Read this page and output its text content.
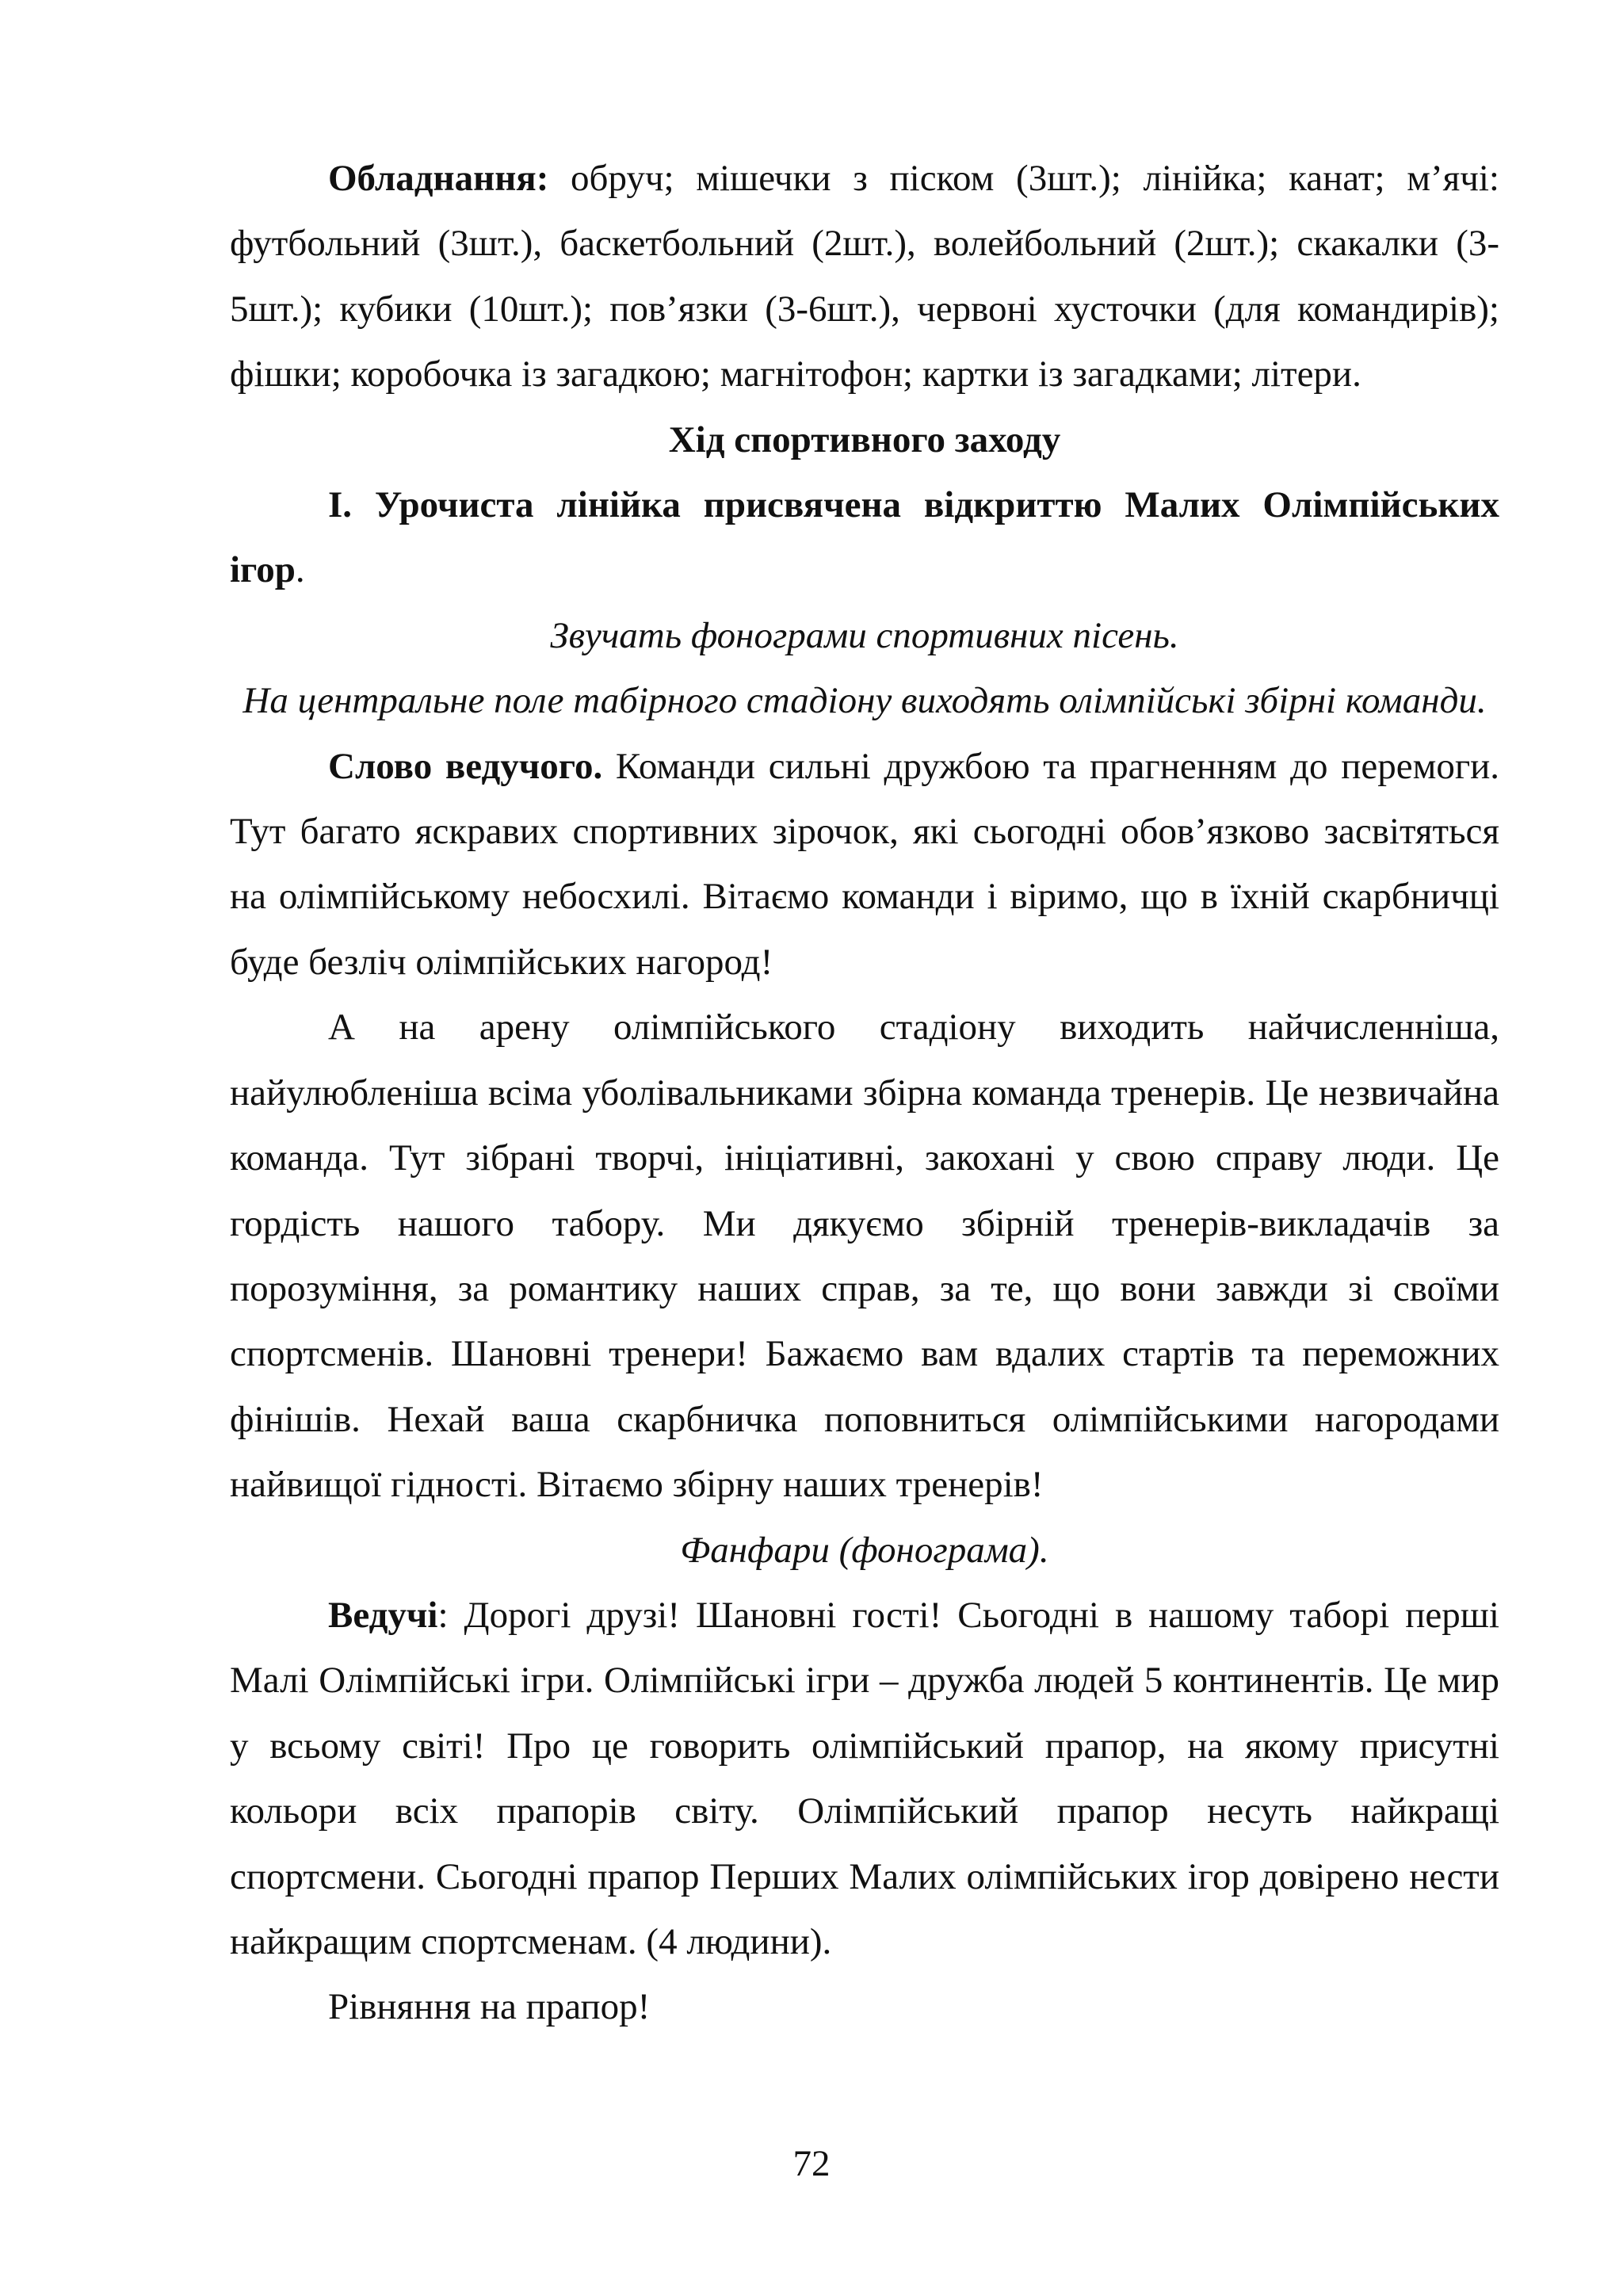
Обладнання: обруч; мішечки з піском (3шт.); лінійка; канат; м’ячі: футбольний (3шт.), баскетбольний (2шт.), волейбольний (2шт.); скакалки (3-5шт.); кубики (10шт.); пов’язки (3-6шт.), червоні хусточки (для командирів); фішки; коробочка із загадкою; магнітофон; картки із загадками; літери.

Хід спортивного заходу

І. Урочиста лінійка присвячена відкриттю Малих Олімпійських ігор.

Звучать фонограми спортивних пісень.

На центральне поле табірного стадіону виходять олімпійські збірні команди.

Слово ведучого. Команди сильні дружбою та прагненням до перемоги. Тут багато яскравих спортивних зірочок, які сьогодні обов’язково засвітяться на олімпійському небосхилі. Вітаємо команди і віримо, що в їхній скарбничці буде безліч олімпійських нагород!

А на арену олімпійського стадіону виходить найчисленніша, найулюбленіша всіма уболівальниками збірна команда тренерів. Це незвичайна команда. Тут зібрані творчі, ініціативні, закохані у свою справу люди. Це гордість нашого табору. Ми дякуємо збірній тренерів-викладачів за порозуміння, за романтику наших справ, за те, що вони завжди зі своїми спортсменів. Шановні тренери! Бажаємо вам вдалих стартів та переможних фінішів. Нехай ваша скарбничка поповниться олімпійськими нагородами найвищої гідності. Вітаємо збірну наших тренерів!

Фанфари (фонограма).

Ведучі: Дорогі друзі! Шановні гості! Сьогодні в нашому таборі перші Малі Олімпійські ігри. Олімпійські ігри – дружба людей 5 континентів. Це мир у всьому світі! Про це говорить олімпійський прапор, на якому присутні кольори всіх прапорів світу. Олімпійський прапор несуть найкращі спортсмени. Сьогодні прапор Перших Малих олімпійських ігор довірено нести найкращим спортсменам. (4 людини).

Рівняння на прапор!

72
